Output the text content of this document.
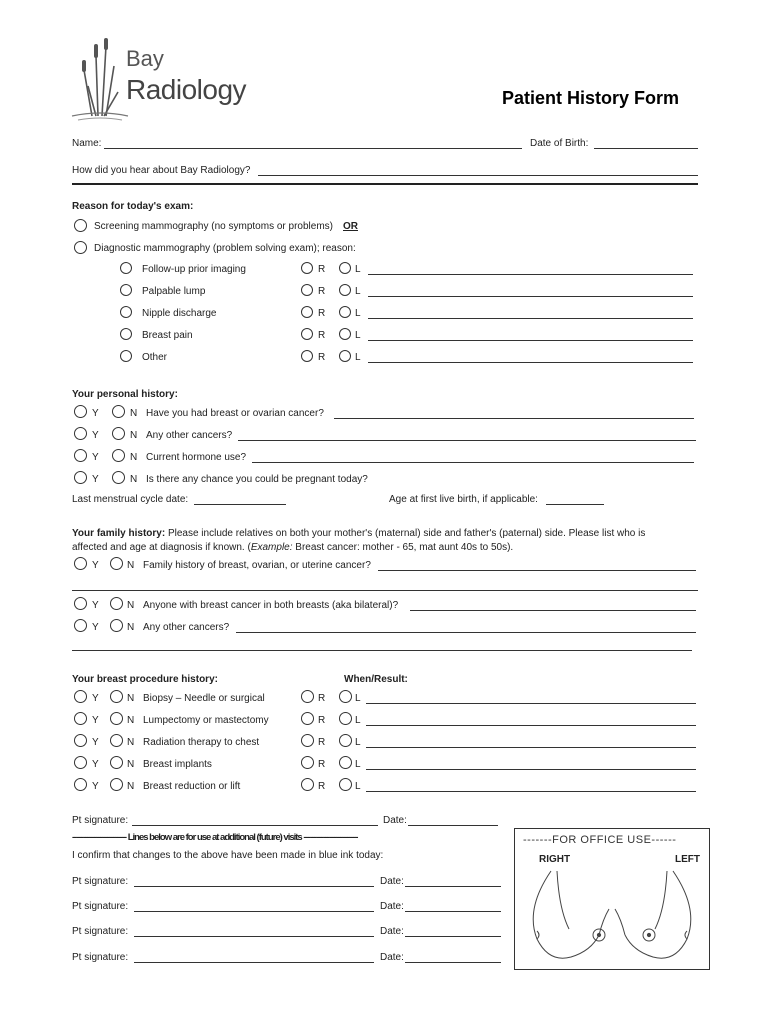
Bay
Radiology	Patient History Form
Name:	Date of Birth:
How did you hear about Bay Radiology?
Reason for today's exam:
Screening mammography (no symptoms or problems) OR
Diagnostic mammography (problem solving exam); reason:
Follow-up prior imaging	R	L
Palpable lump	R	L
Nipple discharge	R	L
Breast pain	R	L
Other	R	L
Your personal history:
Y	N Have you had breast or ovarian cancer?
Y	N Any other cancers?
Y	N Current hormone use?
Y	N Is there any chance you could be pregnant today?
Last menstrual cycle date:	Age at first live birth, if applicable:
Your family history: Please include relatives on both your mother's (maternal) side and father's (paternal) side. Please list who is
affected and age at diagnosis if known. (Example: Breast cancer: mother - 65, mat aunt 40s to 50s).
Y	N Family history of breast, ovarian, or uterine cancer?
Y	N Anyone with breast cancer in both breasts (aka bilateral)?
Y	N Any other cancers?
Your breast procedure history:	When/Result:
Y	N Biopsy – Needle or surgical	R	L
Y	N Lumpectomy or mastectomy	R	L
Y	N Radiation therapy to chest	R	L
Y	N Breast implants	R	L
Y	N Breast reduction or lift	R	L
Pt signature:	Date:
------------------------- Lines below are for use at additional (future) visits -------------------------
I confirm that changes to the above have been made in blue ink today:
Pt signature:	Date:
Pt signature:	Date:
Pt signature:	Date:
Pt signature:	Date:
-------FOR OFFICE USE------
RIGHT	LEFT
